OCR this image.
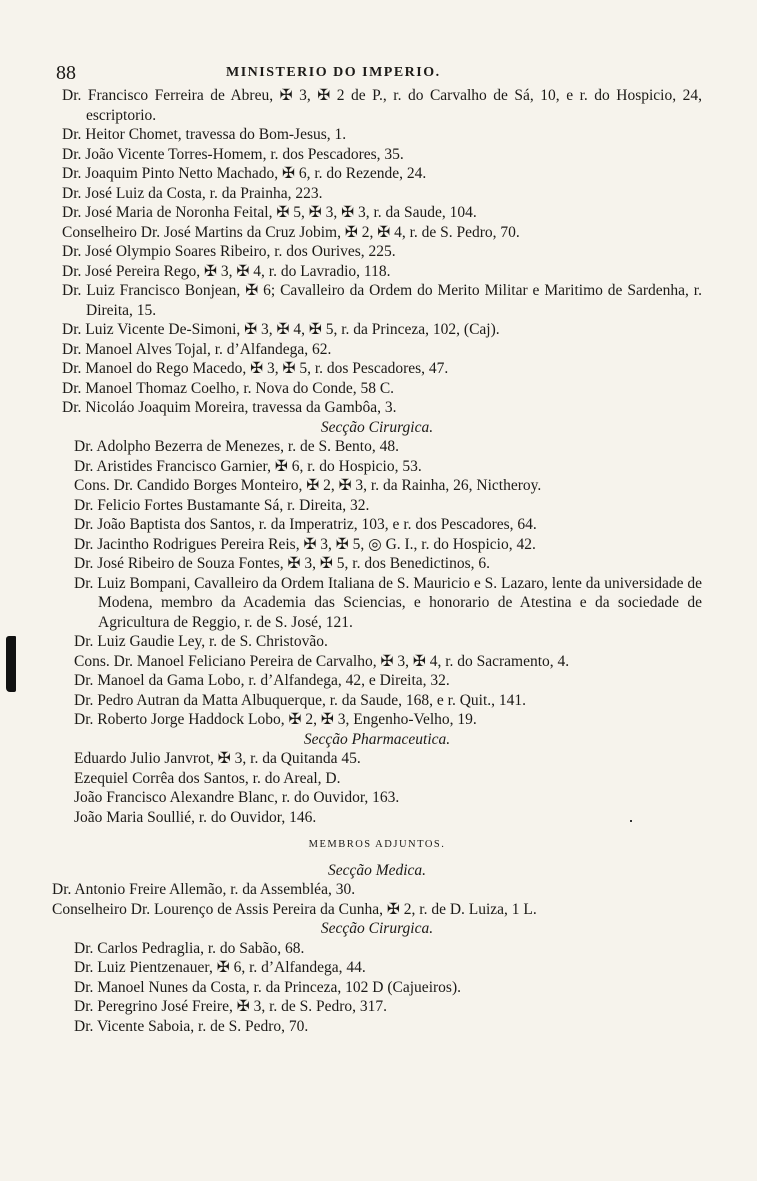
88	MINISTERIO DO IMPERIO.
Dr. Francisco Ferreira de Abreu, ✠ 3, ✠ 2 de P., r. do Carvalho de Sá, 10, e r. do Hospicio, 24, escriptorio.
Dr. Heitor Chomet, travessa do Bom-Jesus, 1.
Dr. João Vicente Torres-Homem, r. dos Pescadores, 35.
Dr. Joaquim Pinto Netto Machado, ✠ 6, r. do Rezende, 24.
Dr. José Luiz da Costa, r. da Prainha, 223.
Dr. José Maria de Noronha Feital, ✠ 5, ✠ 3, ✠ 3, r. da Saude, 104.
Conselheiro Dr. José Martins da Cruz Jobim, ✠ 2, ✠ 4, r. de S. Pedro, 70.
Dr. José Olympio Soares Ribeiro, r. dos Ourives, 225.
Dr. José Pereira Rego, ✠ 3, ✠ 4, r. do Lavradio, 118.
Dr. Luiz Francisco Bonjean, ✠ 6; Cavalleiro da Ordem do Merito Militar e Maritimo de Sardenha, r. Direita, 15.
Dr. Luiz Vicente De-Simoni, ✠ 3, ✠ 4, ✠ 5, r. da Princeza, 102, (Caj).
Dr. Manoel Alves Tojal, r. d’Alfandega, 62.
Dr. Manoel do Rego Macedo, ✠ 3, ✠ 5, r. dos Pescadores, 47.
Dr. Manoel Thomaz Coelho, r. Nova do Conde, 58 C.
Dr. Nicoláo Joaquim Moreira, travessa da Gambôa, 3.
Secção Cirurgica.
Dr. Adolpho Bezerra de Menezes, r. de S. Bento, 48.
Dr. Aristides Francisco Garnier, ✠ 6, r. do Hospicio, 53.
Cons. Dr. Candido Borges Monteiro, ✠ 2, ✠ 3, r. da Rainha, 26, Nictheroy.
Dr. Felicio Fortes Bustamante Sá, r. Direita, 32.
Dr. João Baptista dos Santos, r. da Imperatriz, 103, e r. dos Pescadores, 64.
Dr. Jacintho Rodrigues Pereira Reis, ✠ 3, ✠ 5, ◎ G. I., r. do Hospicio, 42.
Dr. José Ribeiro de Souza Fontes, ✠ 3, ✠ 5, r. dos Benedictinos, 6.
Dr. Luiz Bompani, Cavalleiro da Ordem Italiana de S. Mauricio e S. Lazaro, lente da universidade de Modena, membro da Academia das Sciencias, e honorario de Atestina e da sociedade de Agricultura de Reggio, r. de S. José, 121.
Dr. Luiz Gaudie Ley, r. de S. Christovão.
Cons. Dr. Manoel Feliciano Pereira de Carvalho, ✠ 3, ✠ 4, r. do Sacramento, 4.
Dr. Manoel da Gama Lobo, r. d’Alfandega, 42, e Direita, 32.
Dr. Pedro Autran da Matta Albuquerque, r. da Saude, 168, e r. Quit., 141.
Dr. Roberto Jorge Haddock Lobo, ✠ 2, ✠ 3, Engenho-Velho, 19.
Secção Pharmaceutica.
Eduardo Julio Janvrot, ✠ 3, r. da Quitanda 45.
Ezequiel Corrêa dos Santos, r. do Areal, D.
João Francisco Alexandre Blanc, r. do Ouvidor, 163.
João Maria Soullié, r. do Ouvidor, 146.
MEMBROS ADJUNTOS.
Secção Medica.
Dr. Antonio Freire Allemão, r. da Assembléa, 30.
Conselheiro Dr. Lourenço de Assis Pereira da Cunha, ✠ 2, r. de D. Luiza, 1 L.
Secção Cirurgica.
Dr. Carlos Pedraglia, r. do Sabão, 68.
Dr. Luiz Pientzenauer, ✠ 6, r. d’Alfandega, 44.
Dr. Manoel Nunes da Costa, r. da Princeza, 102 D (Cajueiros).
Dr. Peregrino José Freire, ✠ 3, r. de S. Pedro, 317.
Dr. Vicente Saboia, r. de S. Pedro, 70.
